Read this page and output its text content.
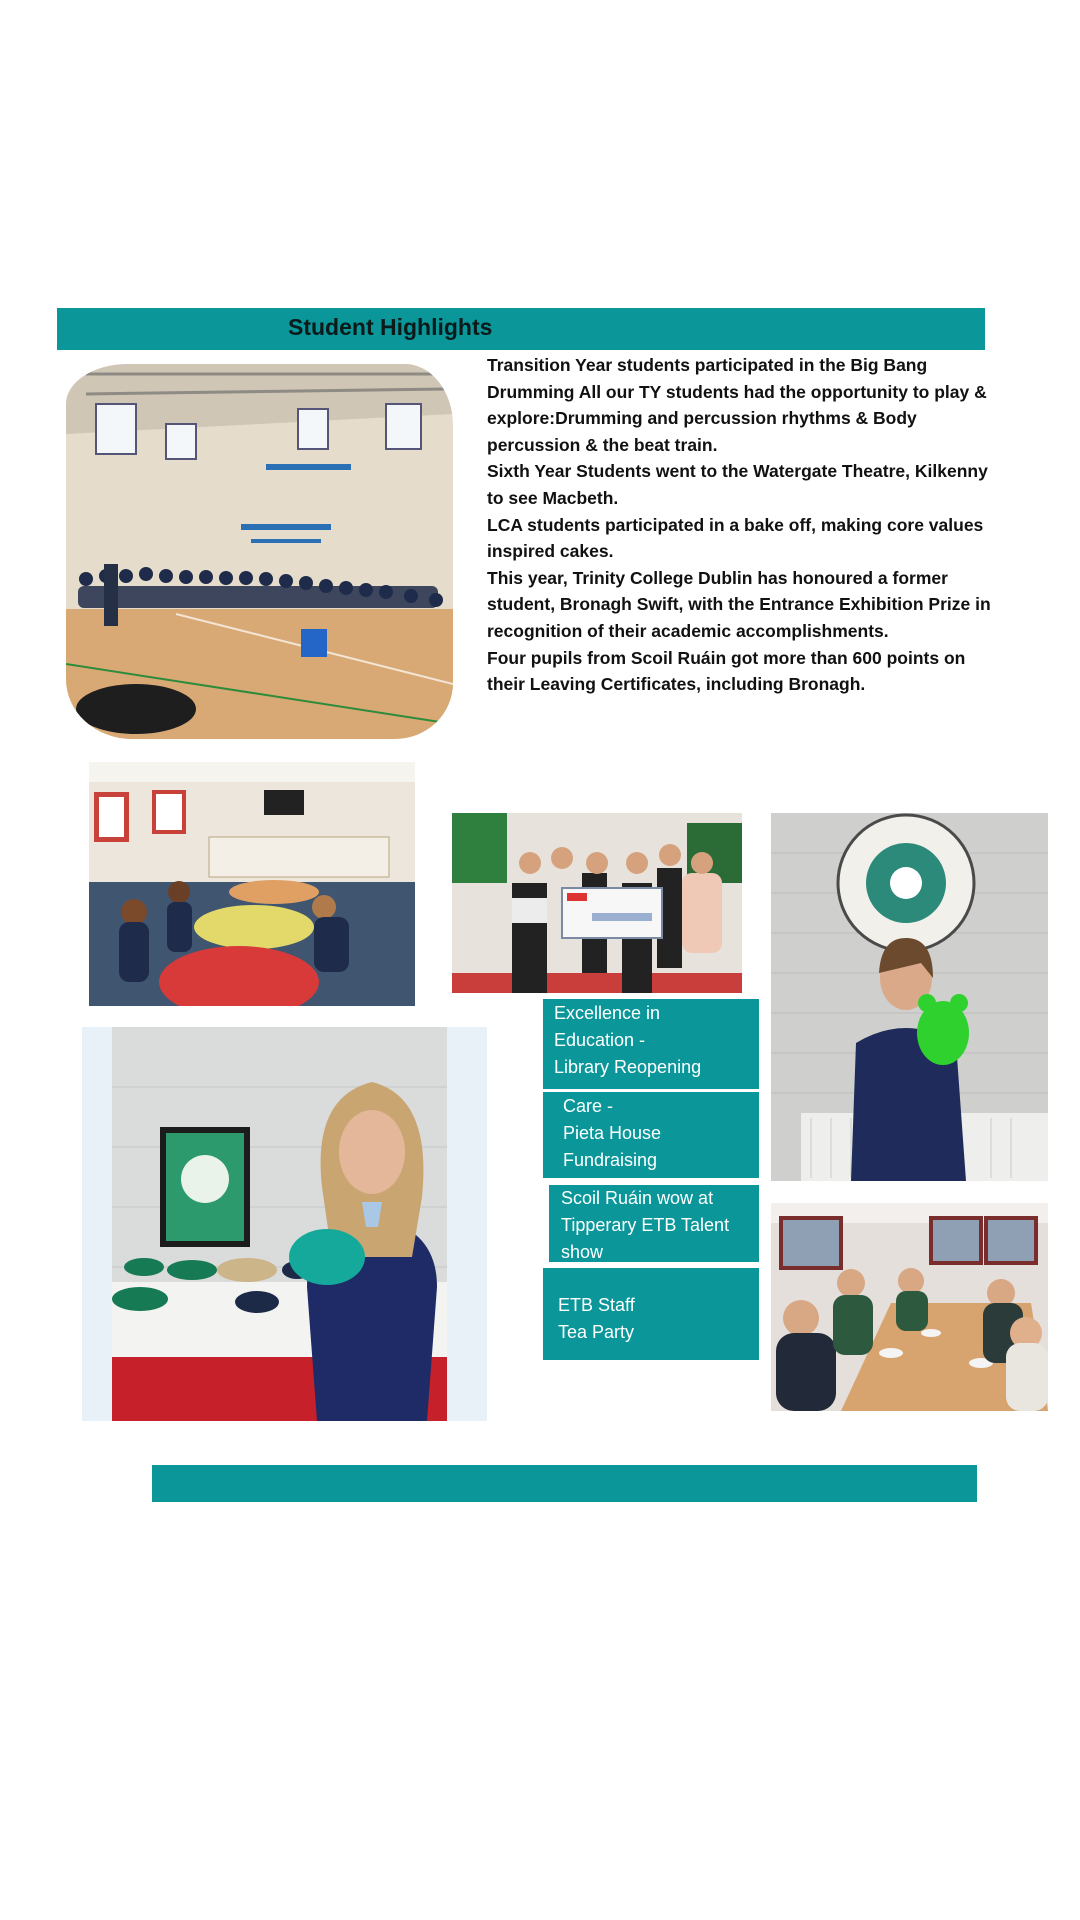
Student Highlights

Transition Year students participated in the Big Bang Drumming All our TY students had the opportunity to play & explore:Drumming and percussion rhythms & Body percussion & the beat train.

Sixth Year Students went to the Watergate Theatre, Kilkenny to see Macbeth.

LCA students participated in a bake off, making core values inspired cakes.

This year, Trinity College Dublin has honoured a former student, Bronagh Swift, with the Entrance Exhibition Prize in recognition of their academic accomplishments.

Four pupils from Scoil Ruáin got more than 600 points on their Leaving Certificates, including Bronagh.

Excellence in
Education -
Library Reopening
Care -
Pieta House
Fundraising
Scoil Ruáin wow at
Tipperary ETB Talent
show
ETB Staff
Tea Party
